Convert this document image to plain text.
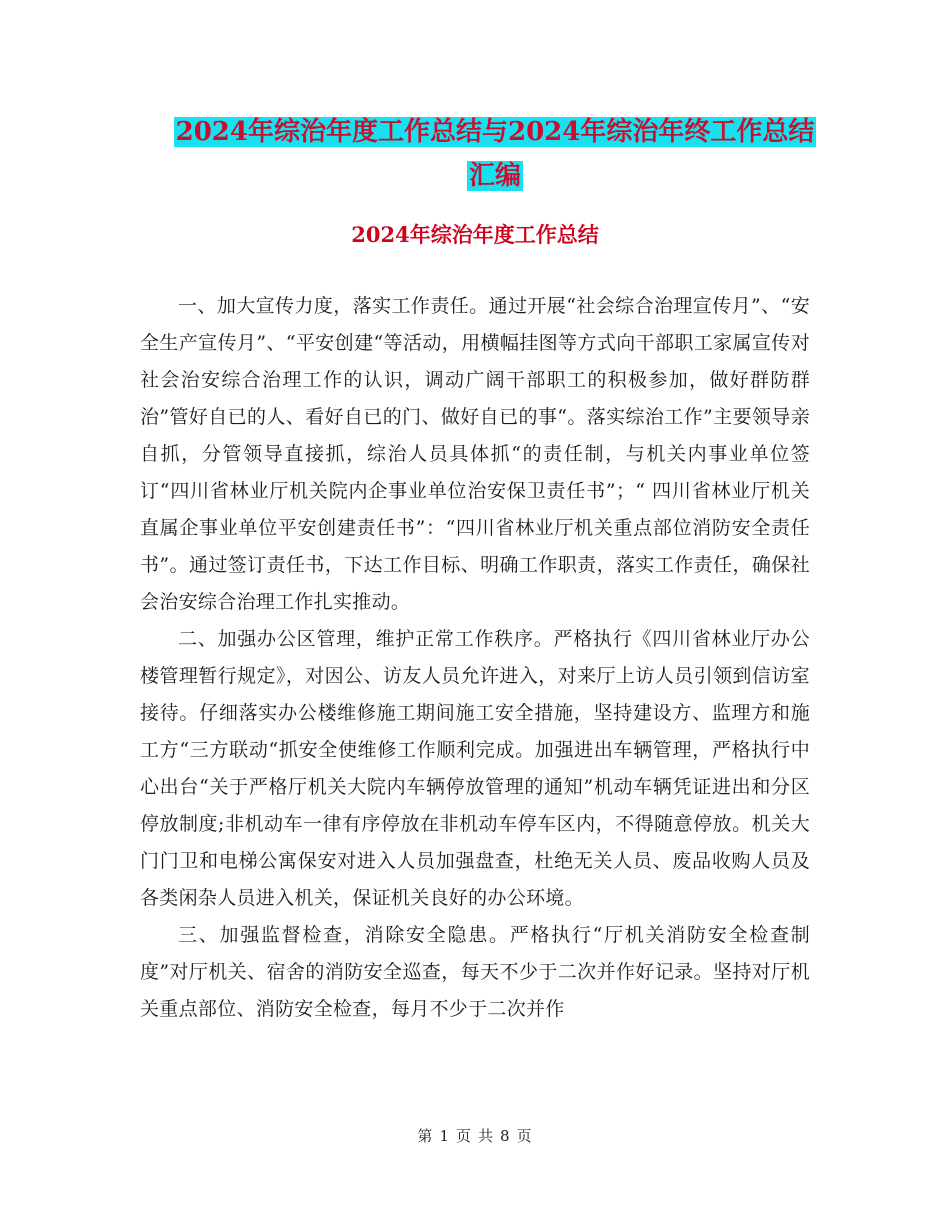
2024年综治年度工作总结与2024年综治年终工作总结
汇编
2024年综治年度工作总结

一、加大宣传力度，落实工作责任。通过开展“社会综合治理宣传月”、“安全生产宣传月”、“平安创建“等活动，用横幅挂图等方式向干部职工家属宣传对社会治安综合治理工作的认识，调动广阔干部职工的积极参加，做好群防群治”管好自已的人、看好自已的门、做好自已的事“。落实综治工作”主要领导亲自抓，分管领导直接抓，综治人员具体抓“的责任制，与机关内事业单位签订“四川省林业厅机关院内企事业单位治安保卫责任书”；“ 四川省林业厅机关直属企事业单位平安创建责任书”：“四川省林业厅机关重点部位消防安全责任书”。通过签订责任书，下达工作目标、明确工作职责，落实工作责任，确保社会治安综合治理工作扎实推动。

二、加强办公区管理，维护正常工作秩序。严格执行《四川省林业厅办公楼管理暂行规定》，对因公、访友人员允许进入，对来厅上访人员引领到信访室接待。仔细落实办公楼维修施工期间施工安全措施，坚持建设方、监理方和施工方“三方联动“抓安全使维修工作顺利完成。加强进出车辆管理，严格执行中心出台“关于严格厅机关大院内车辆停放管理的通知”机动车辆凭证进出和分区停放制度;非机动车一律有序停放在非机动车停车区内，不得随意停放。机关大门门卫和电梯公寓保安对进入人员加强盘查，杜绝无关人员、废品收购人员及各类闲杂人员进入机关，保证机关良好的办公环境。

三、加强监督检查，消除安全隐患。严格执行“厅机关消防安全检查制度”对厅机关、宿舍的消防安全巡查，每天不少于二次并作好记录。坚持对厅机关重点部位、消防安全检查，每月不少于二次并作

第 1 页 共 8 页
